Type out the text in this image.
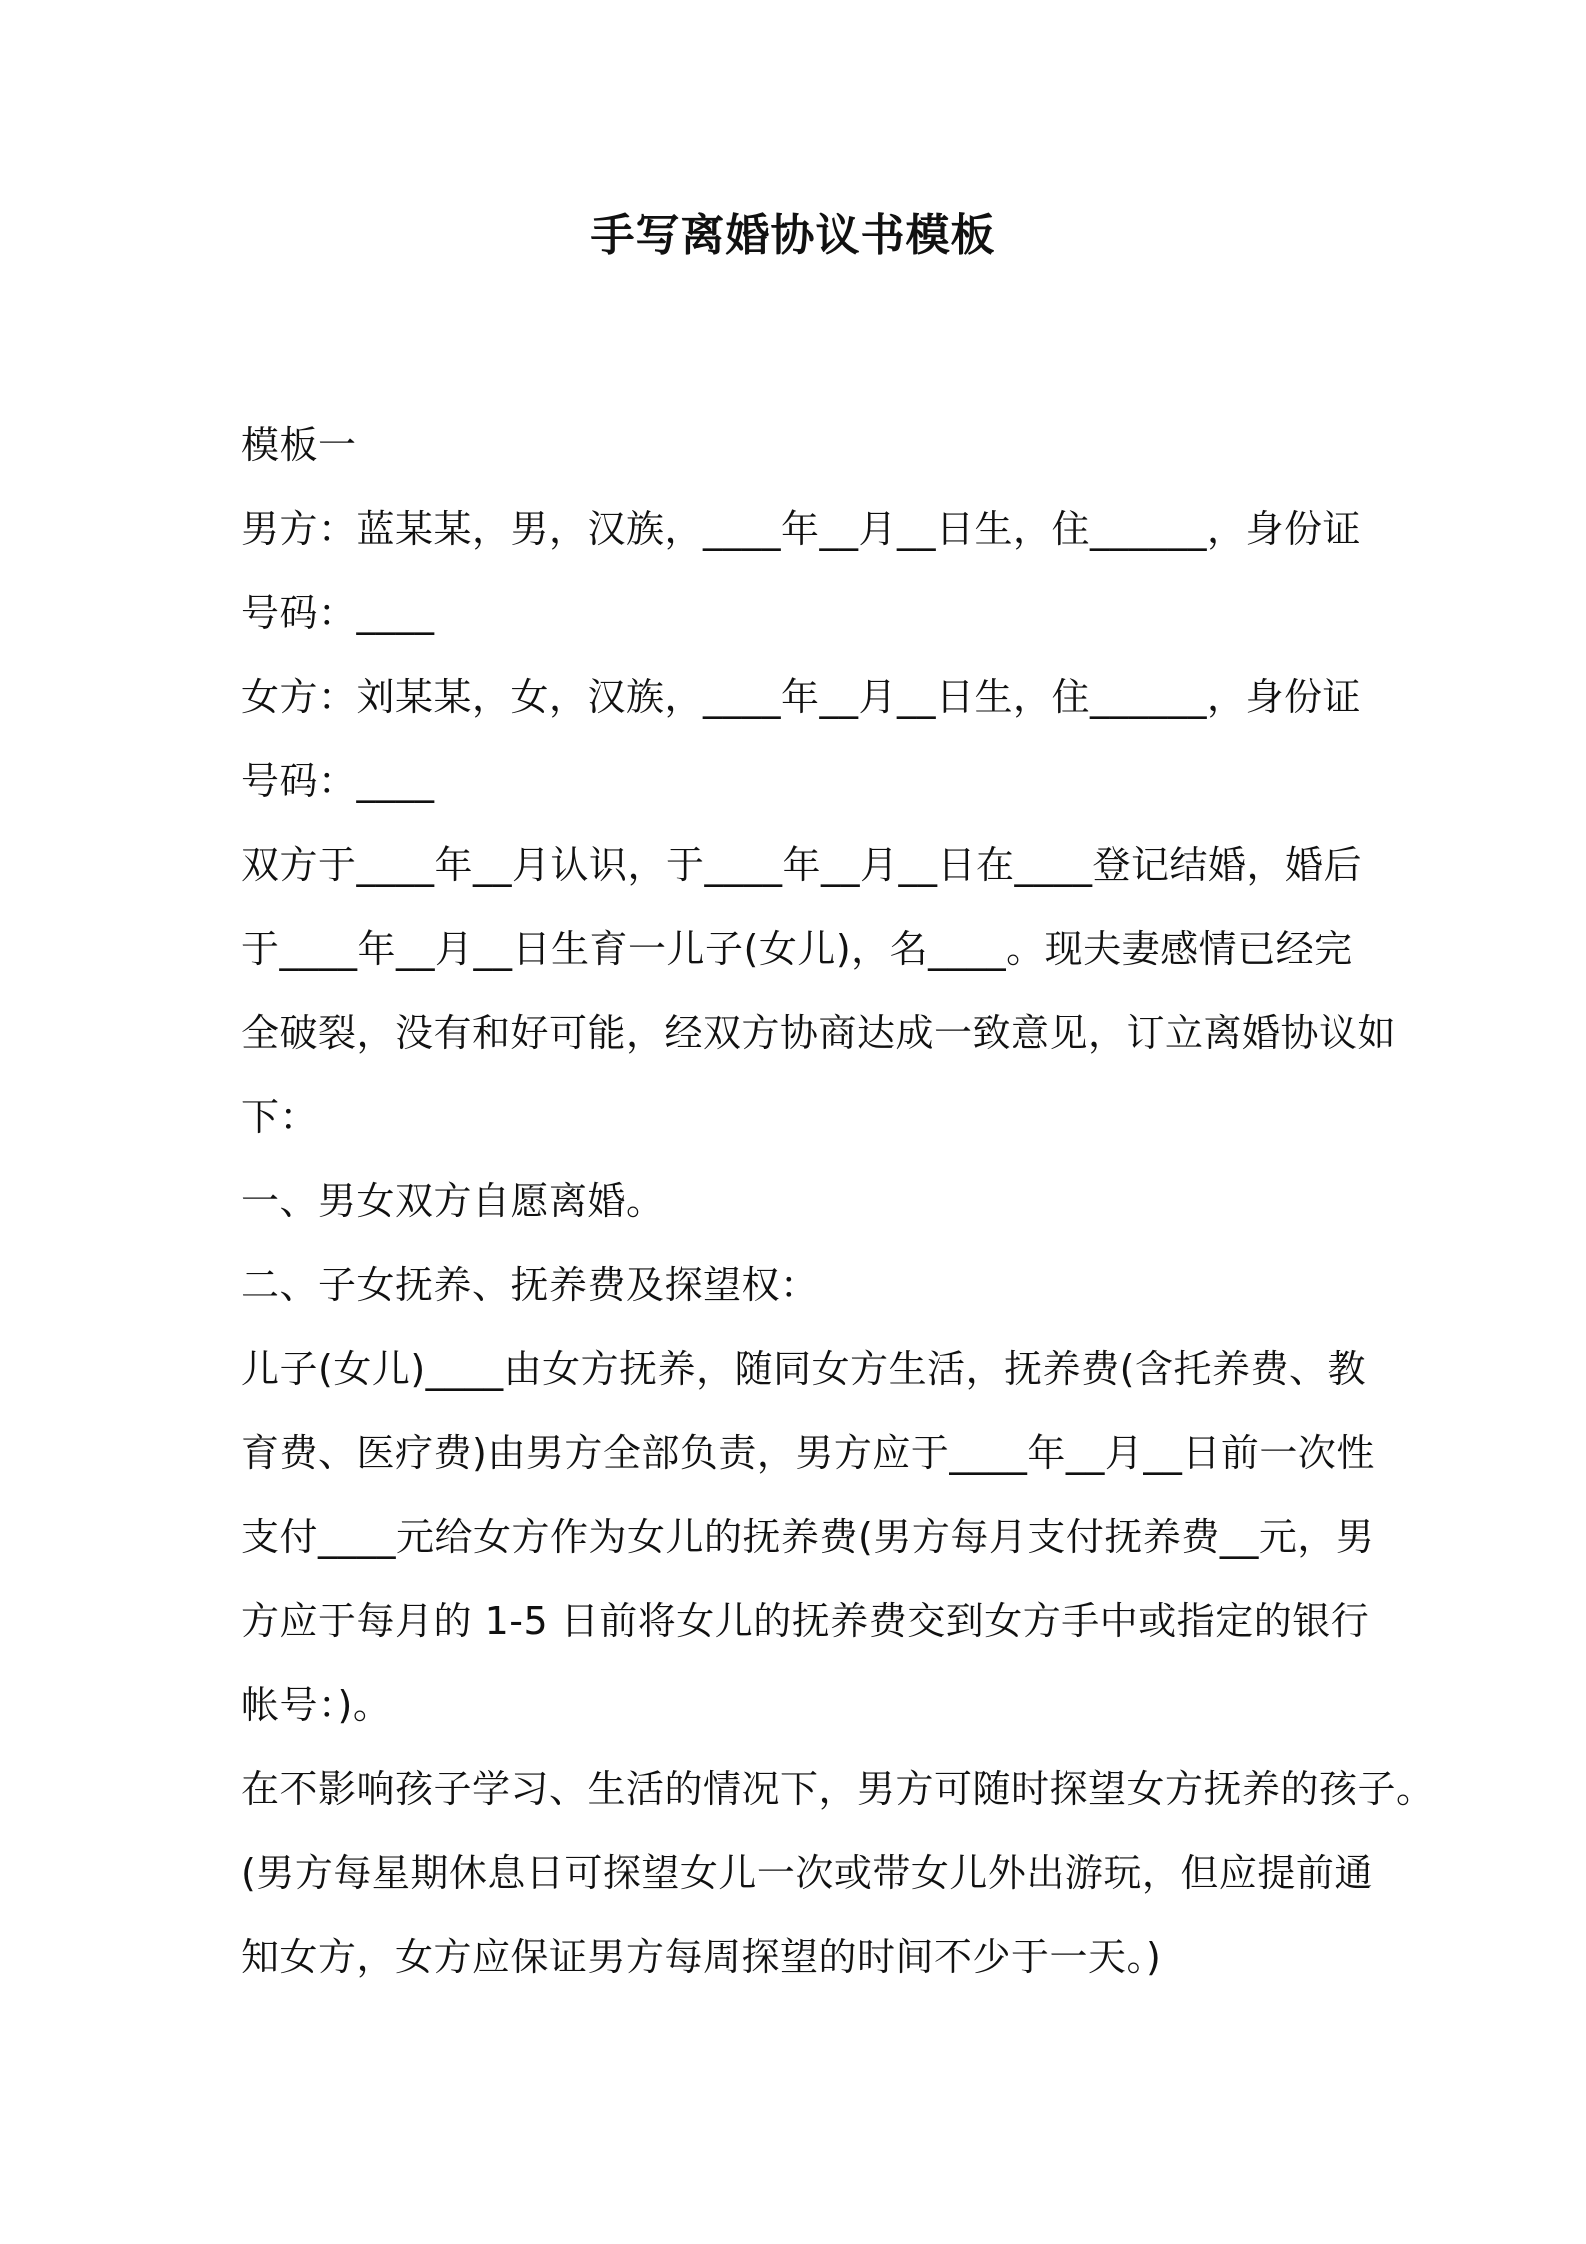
手写离婚协议书模板
模板一
男方：蓝某某，男，汉族，____年__月__日生，住______，身份证
号码：____
女方：刘某某，女，汉族，____年__月__日生，住______，身份证
号码：____
双方于____年__月认识，于____年__月__日在____登记结婚，婚后
于____年__月__日生育一儿子(女儿)，名____。现夫妻感情已经完
全破裂，没有和好可能，经双方协商达成一致意见，订立离婚协议如
下：
一、男女双方自愿离婚。
二、子女抚养、抚养费及探望权：
儿子(女儿)____由女方抚养，随同女方生活，抚养费(含托养费、教
育费、医疗费)由男方全部负责，男方应于____年__月__日前一次性
支付____元给女方作为女儿的抚养费(男方每月支付抚养费__元，男
方应于每月的 1-5 日前将女儿的抚养费交到女方手中或指定的银行
帐号：)。
在不影响孩子学习、生活的情况下，男方可随时探望女方抚养的孩子。
(男方每星期休息日可探望女儿一次或带女儿外出游玩，但应提前通
知女方，女方应保证男方每周探望的时间不少于一天。)
